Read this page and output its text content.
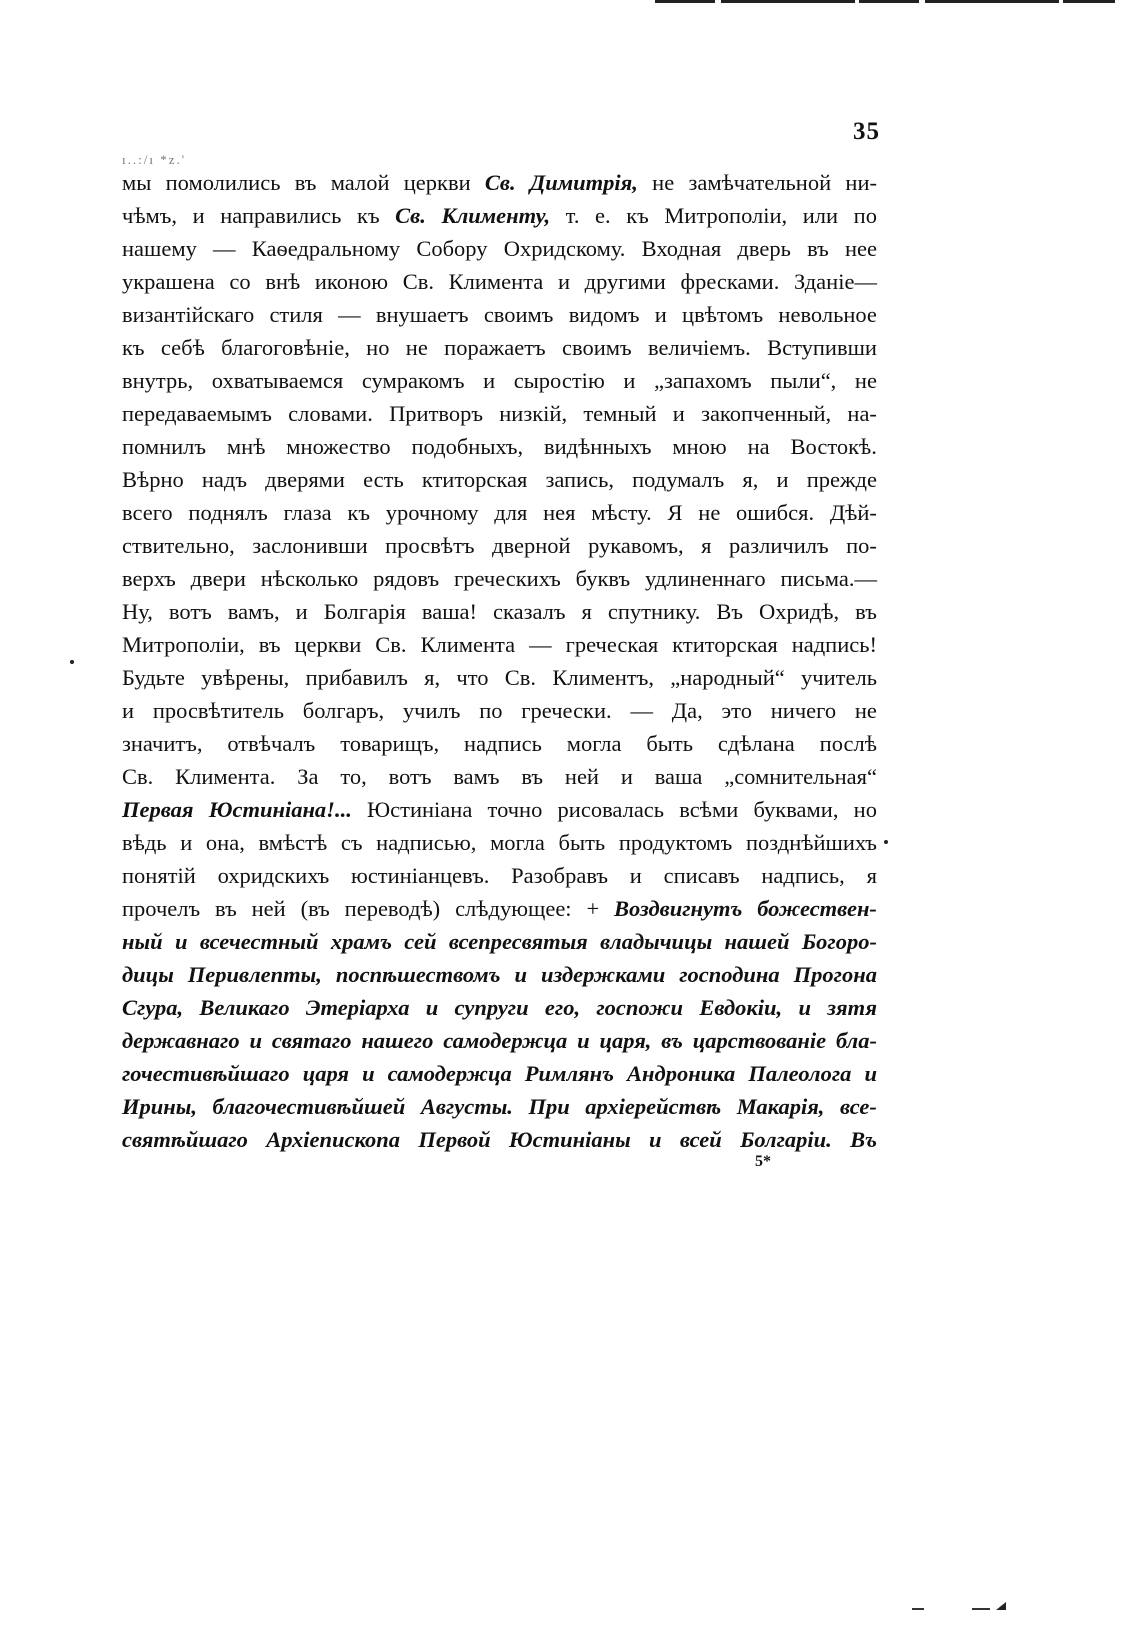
35
ı..:/ı *z.'
мы помолились въ малой церкви Св. Димитрія, не замѣчательной ни-
чѣмъ, и направились къ Св. Клименту, т. е. къ Митрополіи, или по
нашему — Каѳедральному Собору Охридскому. Входная дверь въ нее
украшена со внѣ иконою Св. Климента и другими фресками. Зданіе—
византійскаго стиля — внушаетъ своимъ видомъ и цвѣтомъ невольное
къ себѣ благоговѣніе, но не поражаетъ своимъ величіемъ. Вступивши
внутрь, охватываемся сумракомъ и сыростію и „запахомъ пыли“, не
передаваемымъ словами. Притворъ низкій, темный и закопченный, на-
помнилъ мнѣ множество подобныхъ, видѣнныхъ мною на Востокѣ.
Вѣрно надъ дверями есть ктиторская запись, подумалъ я, и прежде
всего поднялъ глаза къ урочному для нея мѣсту. Я не ошибся. Дѣй-
ствительно, заслонивши просвѣтъ дверной рукавомъ, я различилъ по-
верхъ двери нѣсколько рядовъ греческихъ буквъ удлиненнаго письма.—
Ну, вотъ вамъ, и Болгарія ваша! сказалъ я спутнику. Въ Охридѣ, въ
Митрополіи, въ церкви Св. Климента — греческая ктиторская надпись!
Будьте увѣрены, прибавилъ я, что Св. Климентъ, „народный“ учитель
и просвѣтитель болгаръ, училъ по гречески. — Да, это ничего не
значитъ, отвѣчалъ товарищъ, надпись могла быть сдѣлана послѣ
Св. Климента. За то, вотъ вамъ въ ней и ваша „сомнительная“
Первая Юстиніана!... Юстиніана точно рисовалась всѣми буквами, но
вѣдь и она, вмѣстѣ съ надписью, могла быть продуктомъ позднѣйшихъ
понятій охридскихъ юстиніанцевъ. Разобравъ и списавъ надпись, я
прочелъ въ ней (въ переводѣ) слѣдующее: + Воздвигнутъ божествен-
ный и всечестный храмъ сей всепресвятыя владычицы нашей Богоро-
дицы Перивлепты, поспѣшествомъ и издержками господина Прогона
Сгура, Великаго Этеріарха и супруги его, госпожи Евдокіи, и зятя
державнаго и святаго нашего самодержца и царя, въ царствованіе бла-
гочестивѣйшаго царя и самодержца Римлянъ Андроника Палеолога и
Ирины, благочестивѣйшей Августы. При архіерействѣ Макарія, все-
святѣйшаго Архіепископа Первой Юстиніаны и всей Болгаріи. Въ
5*
